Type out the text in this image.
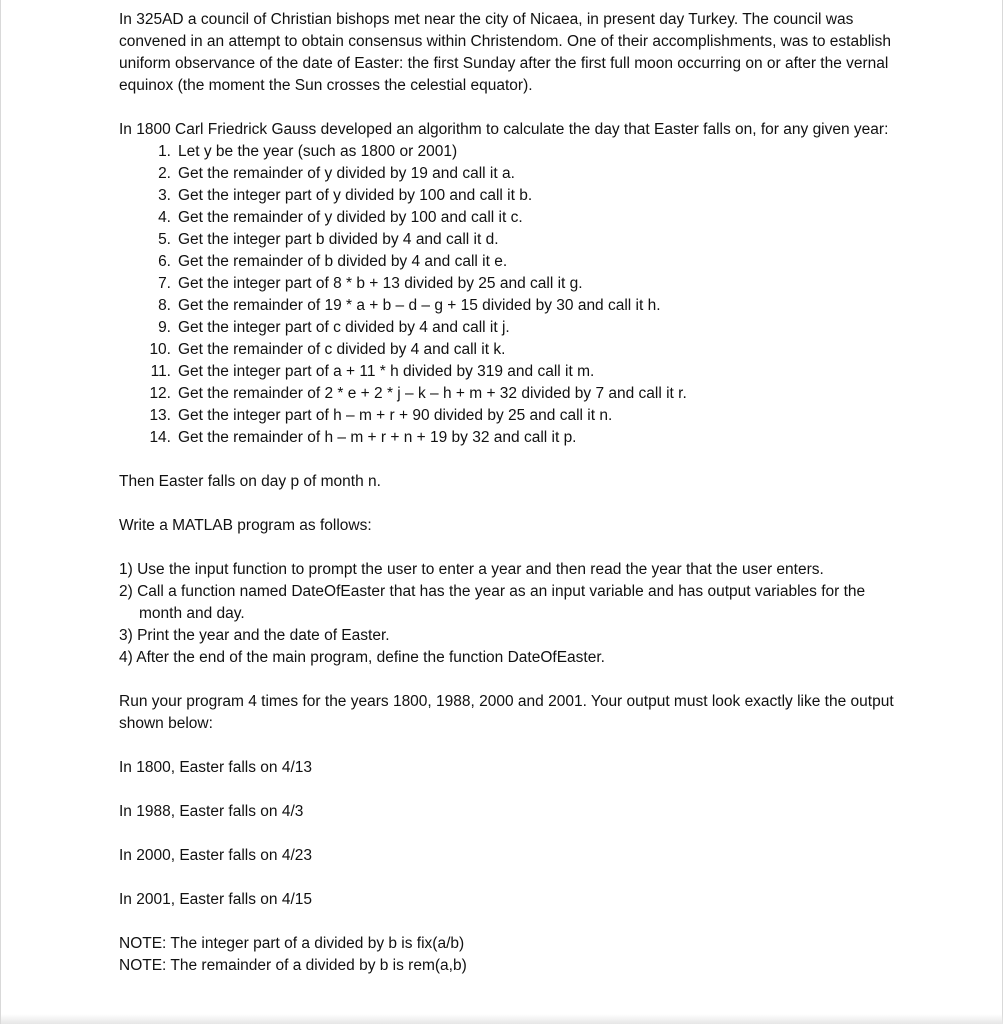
In 325AD a council of Christian bishops met near the city of Nicaea, in present day Turkey. The council was convened in an attempt to obtain consensus within Christendom. One of their accomplishments, was to establish uniform observance of the date of Easter: the first Sunday after the first full moon occurring on or after the vernal equinox (the moment the Sun crosses the celestial equator).

In 1800 Carl Friedrick Gauss developed an algorithm to calculate the day that Easter falls on, for any given year:

1. Let y be the year (such as 1800 or 2001)
2. Get the remainder of y divided by 19 and call it a.
3. Get the integer part of y divided by 100 and call it b.
4. Get the remainder of y divided by 100 and call it c.
5. Get the integer part b divided by 4 and call it d.
6. Get the remainder of b divided by 4 and call it e.
7. Get the integer part of 8 * b + 13 divided by 25 and call it g.
8. Get the remainder of 19 * a + b – d – g + 15 divided by 30 and call it h.
9. Get the integer part of c divided by 4 and call it j.
10. Get the remainder of c divided by 4 and call it k.
11. Get the integer part of a + 11 * h divided by 319 and call it m.
12. Get the remainder of 2 * e + 2 * j – k – h + m + 32 divided by 7 and call it r.
13. Get the integer part of h – m + r + 90 divided by 25 and call it n.
14. Get the remainder of h – m + r + n + 19 by 32 and call it p.

Then Easter falls on day p of month n.

Write a MATLAB program as follows:

1) Use the input function to prompt the user to enter a year and then read the year that the user enters.
2) Call a function named DateOfEaster that has the year as an input variable and has output variables for the month and day.
3) Print the year and the date of Easter.
4) After the end of the main program, define the function DateOfEaster.

Run your program 4 times for the years 1800, 1988, 2000 and 2001. Your output must look exactly like the output shown below:

In 1800, Easter falls on 4/13

In 1988, Easter falls on 4/3

In 2000, Easter falls on 4/23

In 2001, Easter falls on 4/15

NOTE: The integer part of a divided by b is fix(a/b)

NOTE: The remainder of a divided by b is rem(a,b)
